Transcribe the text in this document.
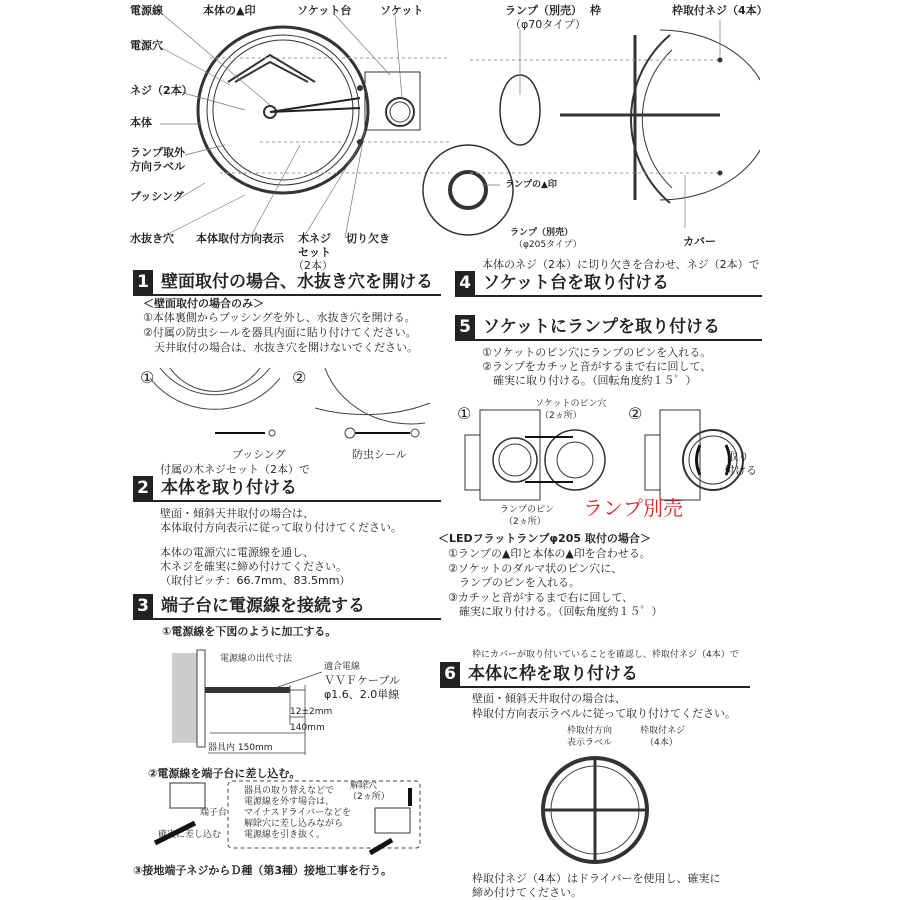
電源線	本体の▲印	ソケット台	ソケット
電源穴
ネジ（2本）
本体
ランプ取外
方向ラベル
ブッシング
水抜き穴 本体取付方向表示 木ネジ
セット
（2本）
切り欠き
ランプ（別売）
（φ70タイプ）
枠	枠取付ネジ（4本）
ランプの▲印
ランプ（別売）
（φ205タイプ）	カバー
1 壁面取付の場合、水抜き穴を開ける
＜壁面取付の場合のみ＞
①本体裏側からブッシングを外し、水抜き穴を開ける。
②付属の防虫シールを器具内面に貼り付けてください。
　天井取付の場合は、水抜き穴を開けないでください。
①	②
ブッシング	防虫シール
付属の木ネジセット（2本）で
2 本体を取り付ける
壁面・傾斜天井取付の場合は、
本体取付方向表示に従って取り付けてください。
本体の電源穴に電源線を通し、
木ネジを確実に締め付けてください。
（取付ピッチ：66.7mm、83.5mm）
3 端子台に電源線を接続する
①電源線を下図のように加工する。
電源線の出代寸法
適合電線
ＶＶＦケーブル
φ1.6、2.0単線
12±2mm
140mm
器具内 150mm
②電源線を端子台に差し込む。
端子台
確実に差し込む
解除穴
（2ヵ所）
器具の取り替えなどで
電源線を外す場合は、
マイナスドライバーなどを
解除穴に差し込みながら
電源線を引き抜く。
③接地端子ネジからＤ種（第3種）接地工事を行う。
本体のネジ（2本）に切り欠きを合わせ、ネジ（2本）で
4 ソケット台を取り付ける
5 ソケットにランプを取り付ける
①ソケットのピン穴にランプのピンを入れる。
②ランプをカチッと音がするまで右に回して、
　確実に取り付ける。（回転角度約１５゜）
①	②
ソケットのピン穴
（2ヵ所）
ランプのピン
（2ヵ所）
取り
付ける
ランプ別売
＜LEDフラットランプφ205 取付の場合＞
①ランプの▲印と本体の▲印を合わせる。
②ソケットのダルマ状のピン穴に、
　ランプのピンを入れる。
③カチッと音がするまで右に回して、
　確実に取り付ける。（回転角度約１５゜）
枠にカバーが取り付いていることを確認し、枠取付ネジ（4本）で
6 本体に枠を取り付ける
壁面・傾斜天井取付の場合は、
枠取付方向表示ラベルに従って取り付けてください。
枠取付方向
表示ラベル
枠取付ネジ
（4本）
枠取付ネジ（4本）はドライバーを使用し、確実に
締め付けてください。
